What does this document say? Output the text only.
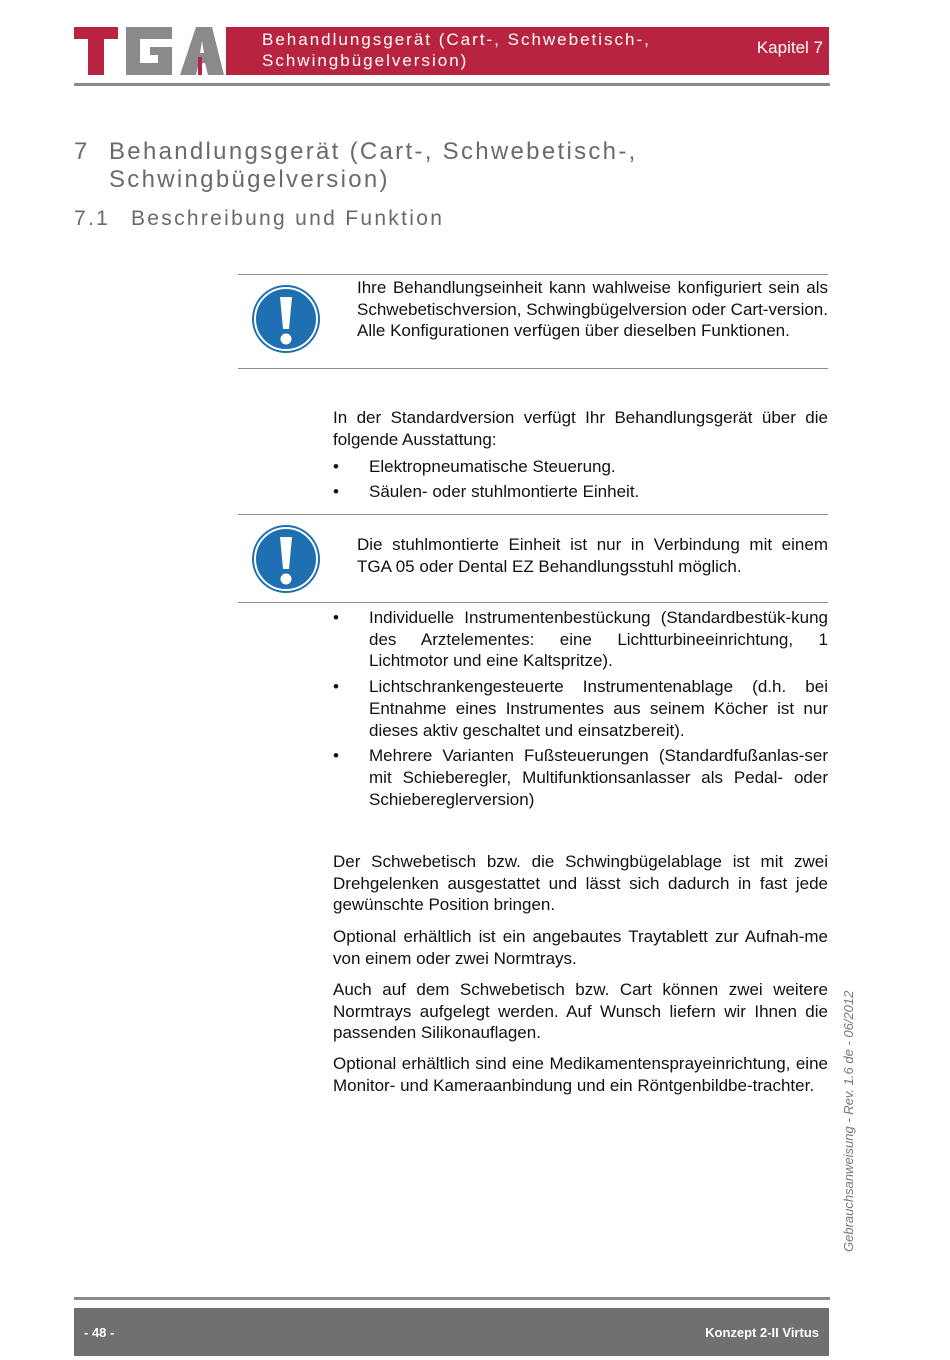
Behandlungsgerät (Cart-, Schwebetisch-, Schwingbügelversion)
Kapitel 7
7 Behandlungsgerät (Cart-, Schwebetisch-, Schwingbügelversion)
7.1 Beschreibung und Funktion
Ihre Behandlungseinheit kann wahlweise konfiguriert sein als Schwebetischversion, Schwingbügelversion oder Cart-version. Alle Konfigurationen verfügen über dieselben Funktionen.
In der Standardversion verfügt Ihr Behandlungsgerät über die folgende Ausstattung:
• Elektropneumatische Steuerung.
• Säulen- oder stuhlmontierte Einheit.
Die stuhlmontierte Einheit ist nur in Verbindung mit einem TGA 05 oder Dental EZ Behandlungsstuhl möglich.
• Individuelle Instrumentenbestückung (Standardbestük-kung des Arztelementes: eine Lichtturbineeinrichtung, 1 Lichtmotor und eine Kaltspritze).
• Lichtschrankengesteuerte Instrumentenablage (d.h. bei Entnahme eines Instrumentes aus seinem Köcher ist nur dieses aktiv geschaltet und einsatzbereit).
• Mehrere Varianten Fußsteuerungen (Standardfußanlas-ser mit Schieberegler, Multifunktionsanlasser als Pedal- oder Schiebereglerversion)
Der Schwebetisch bzw. die Schwingbügelablage ist mit zwei Drehgelenken ausgestattet und lässt sich dadurch in fast jede gewünschte Position bringen.
Optional erhältlich ist ein angebautes Traytablett zur Aufnah-me von einem oder zwei Normtrays.
Auch auf dem Schwebetisch bzw. Cart können zwei weitere Normtrays aufgelegt werden. Auf Wunsch liefern wir Ihnen die passenden Silikonauflagen.
Optional erhältlich sind eine Medikamentensprayeinrichtung, eine Monitor- und Kameraanbindung und ein Röntgenbildbe-trachter.	Gebrauchsanweisung - Rev. 1.6 de - 06/2012
- 48 -	Konzept 2-II Virtus
